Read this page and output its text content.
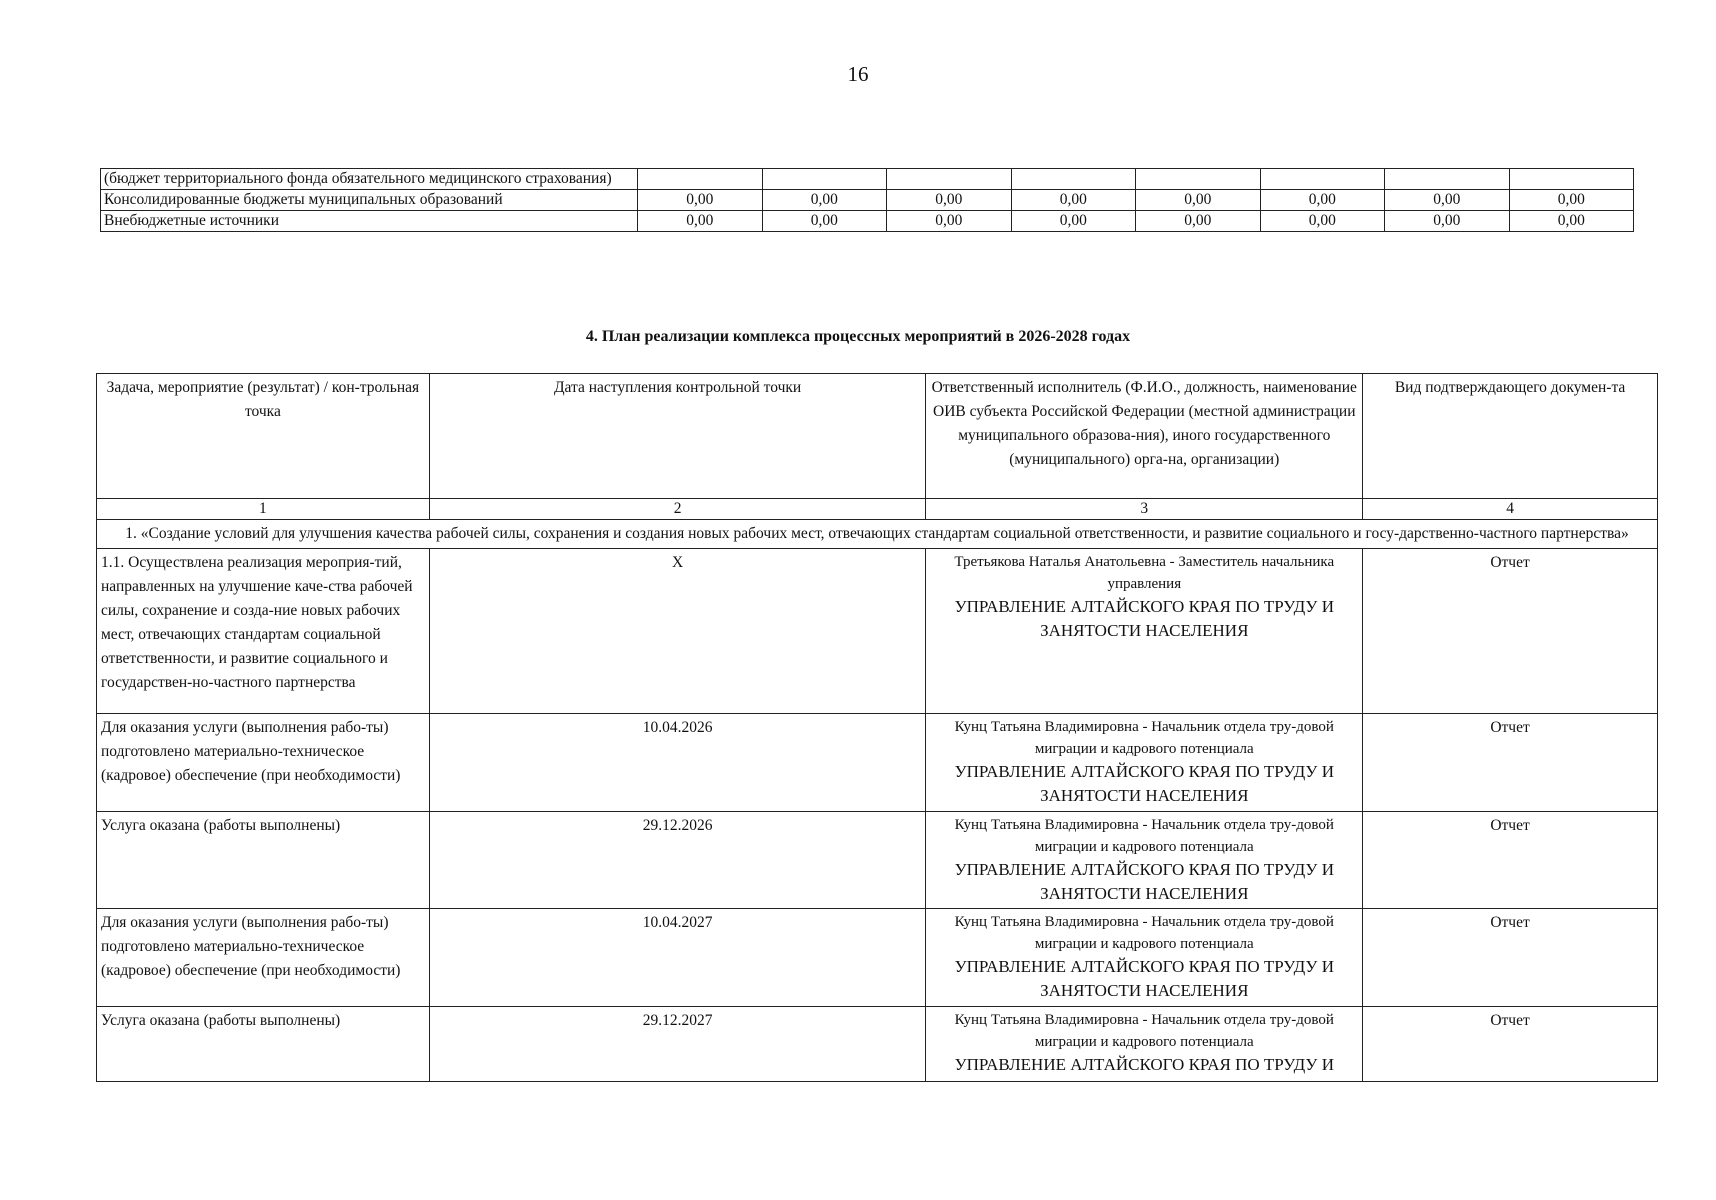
16
(бюджет территориального фонда обязательного медицинского страхования)								
Консолидированные бюджеты муниципальных образований	0,00	0,00	0,00	0,00	0,00	0,00	0,00	0,00
Внебюджетные источники	0,00	0,00	0,00	0,00	0,00	0,00	0,00	0,00
4. План реализации комплекса процессных мероприятий в 2026-2028 годах
Задача, мероприятие (результат) / кон-трольная точка	Дата наступления контрольной точки	Ответственный исполнитель (Ф.И.О., должность, наименование ОИВ субъекта Российской Федерации (местной администрации муниципального образова-ния), иного государственного (муниципального) орга-на, организации)	Вид подтверждающего докумен-та
1	2	3	4
1. «Создание условий для улучшения качества рабочей силы, сохранения и создания новых рабочих мест, отвечающих стандартам социальной ответственности, и развитие социального и госу-дарственно-частного партнерства»			
1.1. Осуществлена реализация мероприя-тий, направленных на улучшение каче-ства рабочей силы, сохранение и созда-ние новых рабочих мест, отвечающих стандартам социальной ответственности, и развитие социального и государствен-но-частного партнерства	X	Третьякова Наталья Анатольевна - Заместитель начальника управления
УПРАВЛЕНИЕ АЛТАЙСКОГО КРАЯ ПО ТРУДУ И ЗАНЯТОСТИ НАСЕЛЕНИЯ	Отчет
Для оказания услуги (выполнения рабо-ты) подготовлено материально-техническое (кадровое) обеспечение (при необходимости)	10.04.2026	Кунц Татьяна Владимировна - Начальник отдела тру-довой миграции и кадрового потенциала
УПРАВЛЕНИЕ АЛТАЙСКОГО КРАЯ ПО ТРУДУ И ЗАНЯТОСТИ НАСЕЛЕНИЯ	Отчет
Услуга оказана (работы выполнены)	29.12.2026	Кунц Татьяна Владимировна - Начальник отдела тру-довой миграции и кадрового потенциала
УПРАВЛЕНИЕ АЛТАЙСКОГО КРАЯ ПО ТРУДУ И ЗАНЯТОСТИ НАСЕЛЕНИЯ	Отчет
Для оказания услуги (выполнения рабо-ты) подготовлено материально-техническое (кадровое) обеспечение (при необходимости)	10.04.2027	Кунц Татьяна Владимировна - Начальник отдела тру-довой миграции и кадрового потенциала
УПРАВЛЕНИЕ АЛТАЙСКОГО КРАЯ ПО ТРУДУ И ЗАНЯТОСТИ НАСЕЛЕНИЯ	Отчет
Услуга оказана (работы выполнены)	29.12.2027	Кунц Татьяна Владимировна - Начальник отдела тру-довой миграции и кадрового потенциала
УПРАВЛЕНИЕ АЛТАЙСКОГО КРАЯ ПО ТРУДУ И	Отчет
